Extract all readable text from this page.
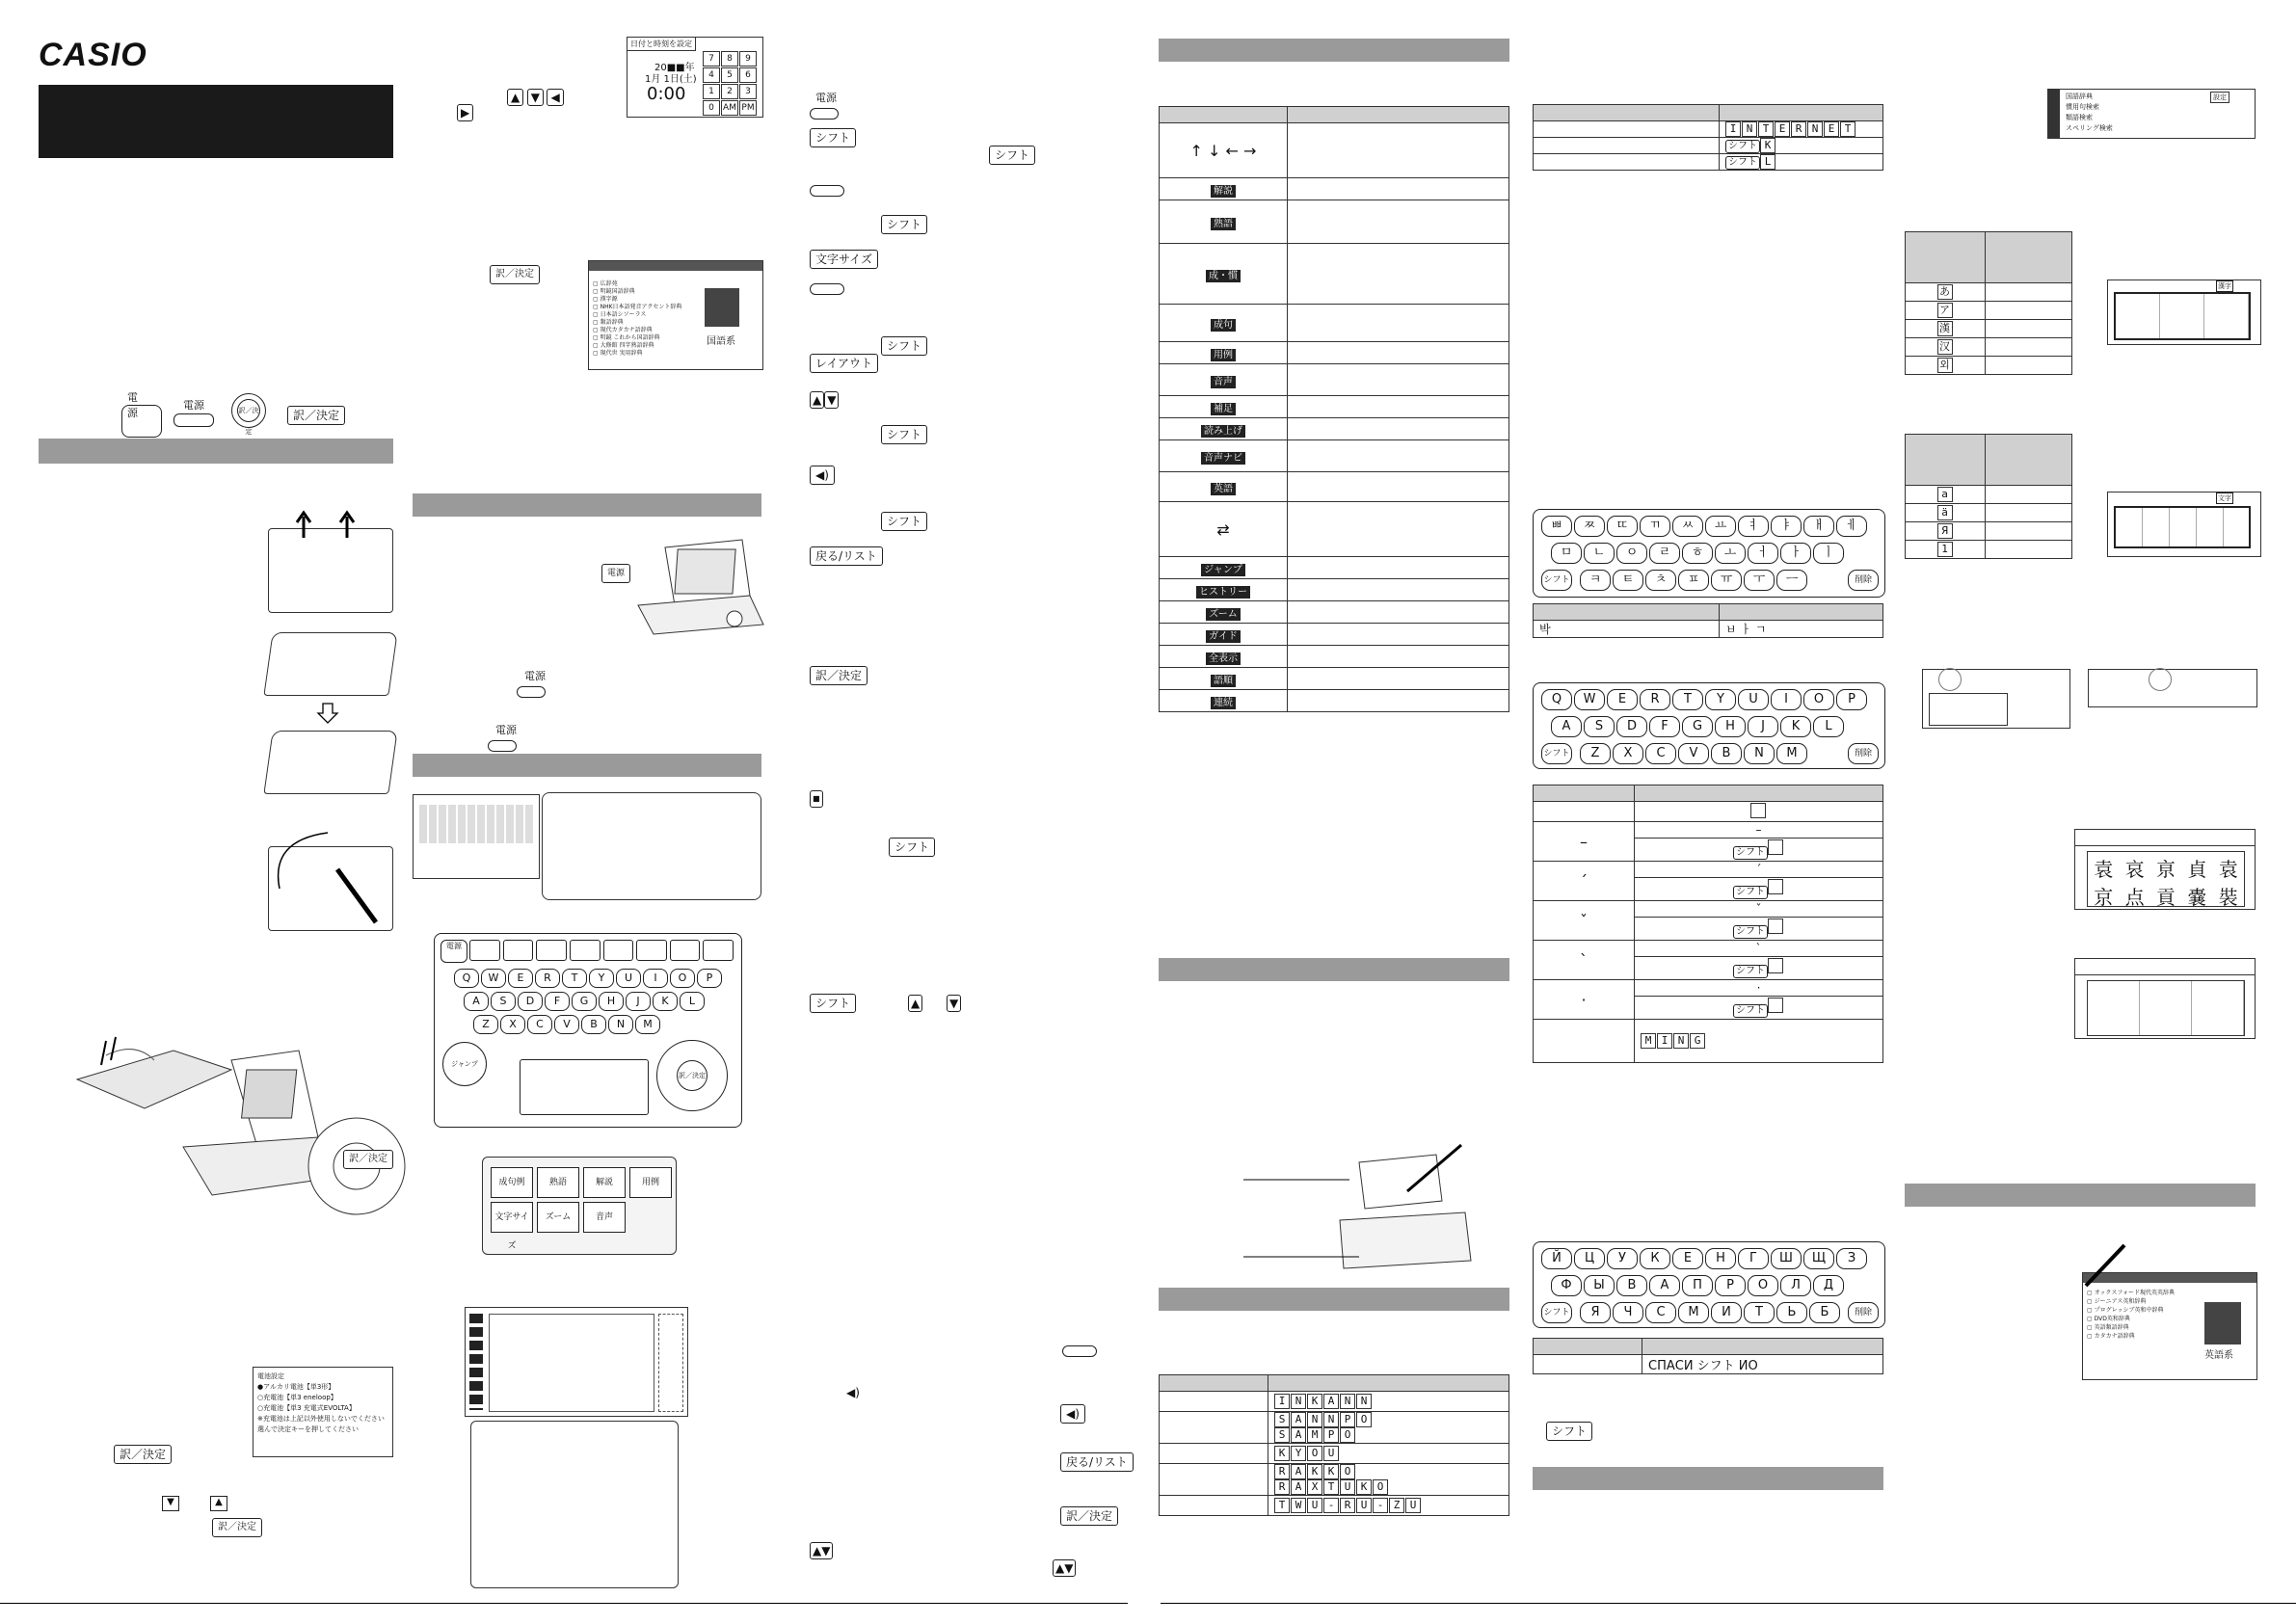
CASIO
電源
電源	訳／決定
訳／決定
訳／決定
電池設定
●アルカリ電池【単3形】
○充電池【単3 eneloop】
○充電池【単3 充電式EVOLTA】
※充電池は上記以外使用しないでください
選んで決定キーを押してください
訳／決定
▼	▲
訳／決定
日付と時刻を設定
20■■年
1月 1日(土)
0:00
7	8	9
4	5	6
1	2	3
0	AM PM
▲ ▼ ◀
▶
訳／決定
▢ 広辞苑
▢ 明鏡国語辞典
▢ 漢字源
▢ NHK日本語発音アクセント辞典
▢ 日本語シソーラス
▢ 類語辞典
▢ 現代カタカナ語辞典
▢ 明鏡 これから国語辞典
▢ 大修館 四字熟語辞典
▢ 現代世 実用辞典
国語系
電源
電源

電源

電源
Q	W	E	R	T	Y	U	I	O	P
A	S	D	F	G	H	J	K	L
Z	X	C	V	B	N	M
訳／決定
ジャンプ
成句例	熟語	解説	用例
文字サイズ
ズーム	音声
電源

シフト
シフト
シフト
文字サイズ
シフト
レイアウト
▲ ▼
シフト
◀)
シフト
戻る/リスト
訳／決定
■
シフト
シフト	▲	▼
◀)
◀)
戻る/リスト
訳／決定
▲▼
▲▼

↑ ↓ ← →	
解説	
熟語	
成・慣	
成句	
用例	
音声	
補足	
読み上げ	
音声ナビ	
英語	
⇄	
ジャンプ	
ヒストリー	
ズーム	
ガイド	
全表示	
語順	
連続	

	I N K A N N

	S A N N P O
S A M P O

	K Y O U

	R A K K O
R A X T U K O

	T W U - R U - Z U

	I N T E R N E T
	シフト K
	シフト L
ㅃ	ㅉ	ㄸ	ㄲ	ㅆ	ㅛ	ㅕ	ㅑ	ㅐ	ㅔ
ㅁ	ㄴ	ㅇ	ㄹ	ㅎ	ㅗ	ㅓ	ㅏ	ㅣ
ㅋ	ㅌ	ㅊ	ㅍ	ㅠ	ㅜ	ㅡ
シフト	削除

박	ㅂ ㅏ ㄱ
Q	W	E	R	T	Y	U	I	O	P
A	S	D	F	G	H	J	K	L
Z	X	C	V	B	N	M
シフト	削除

–	–
	シフト
ˊ	ˊ
	シフト
ˇ	ˇ
	シフト
ˋ	ˋ
	シフト
·	·
	シフト
	M I N G
Й	Ц	У	К	Е	Н	Г	Ш	Щ	З
Ф	Ы	В	А	П	Р	О	Л	Д
Я	Ч	С	М	И	Т	Ь	Б
シフト	削除

	СПАСИ シフト ИО
シフト
国語辞典
慣用句検索
類語検索
スペリング検索
設定

あ	
ア	
漢	
汉	
외	
漢字

a	
ä	
Я	
1	
文字
袁 哀 亰 貞 袁
京 点 貢 嚢 裝
▢ オックスフォード現代英英辞典
▢ ジーニアス英和辞典
▢ プログレッシブ英和中辞典
▢ DVD英和辞典
▢ 英語類語辞典
▢ カタカナ語辞典
英語系
